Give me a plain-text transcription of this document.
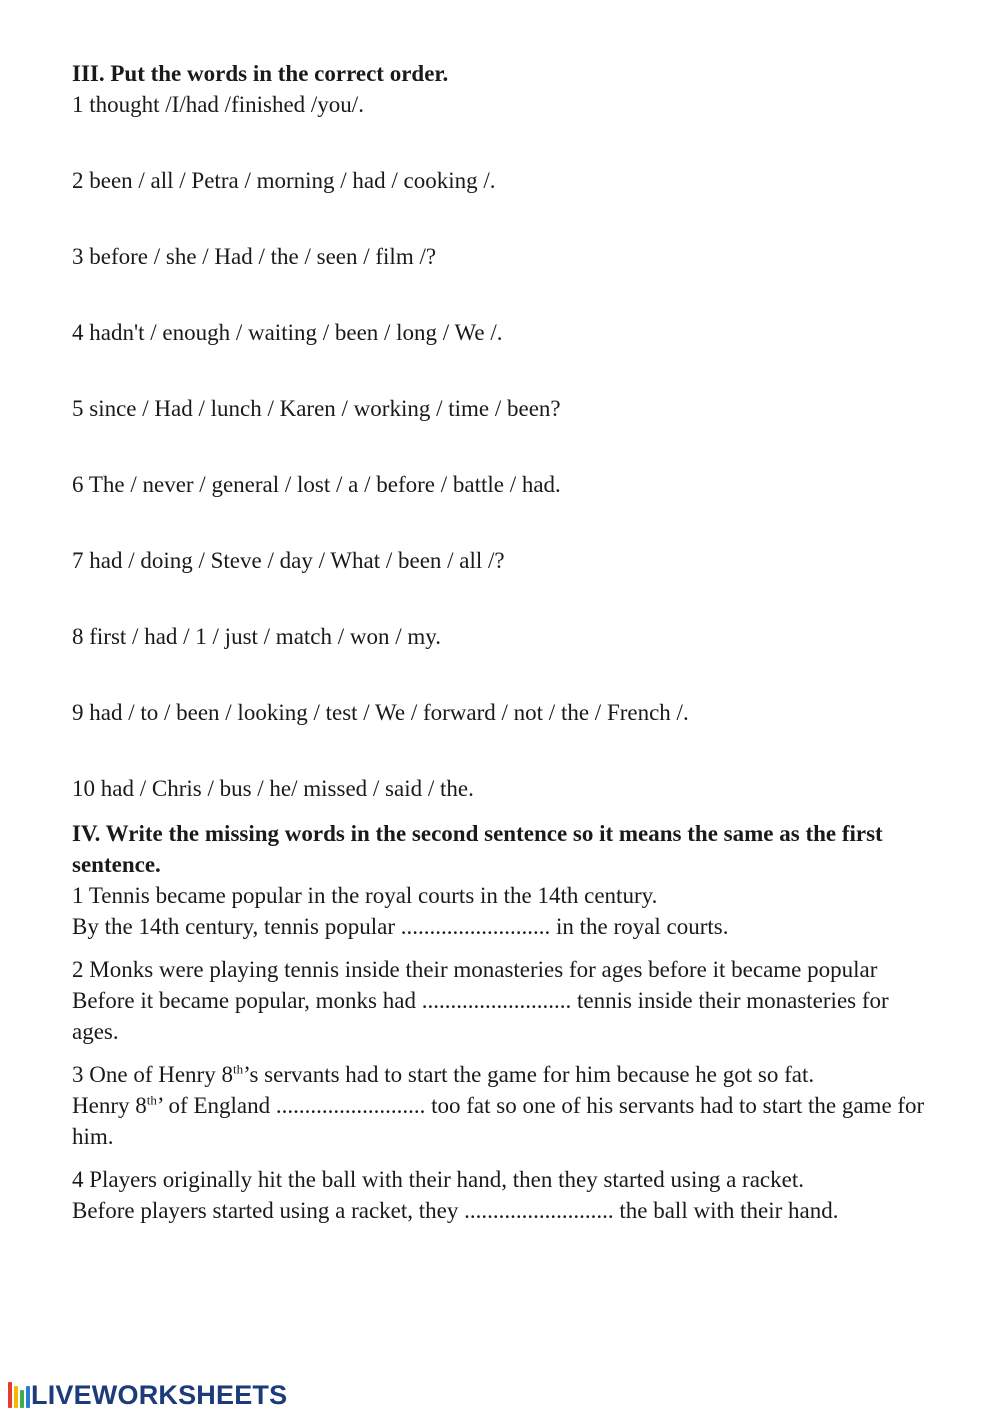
III. Put the words in the correct order.

1 thought /I/had /finished /you/.

2 been / all / Petra / morning / had / cooking /.

3 before / she / Had / the / seen / film /?

4 hadn't / enough / waiting / been / long / We /.

5 since / Had / lunch / Karen / working / time / been?

6 The / never / general / lost / a / before / battle / had.

7 had / doing / Steve / day / What / been / all /?

8 first / had / 1 / just / match / won / my.

9 had / to / been / looking / test / We / forward / not / the / French /.

10 had / Chris / bus / he/ missed / said / the.

IV. Write the missing words in the second sentence so it means the same as the first sentence.

1 Tennis became popular in the royal courts in the 14th century.

By the 14th century, tennis popular .......................... in the royal courts.

2 Monks were playing tennis inside their monasteries for ages before it became popular

Before it became popular, monks had .......................... tennis inside their monasteries for ages.

3 One of Henry 8th’s servants had to start the game for him because he got so fat.

Henry 8th’ of England .......................... too fat so one of his servants had to start the game for him.

4 Players originally hit the ball with their hand, then they started using a racket.

Before players started using a racket, they .......................... the ball with their hand.

LIVEWORKSHEETS
